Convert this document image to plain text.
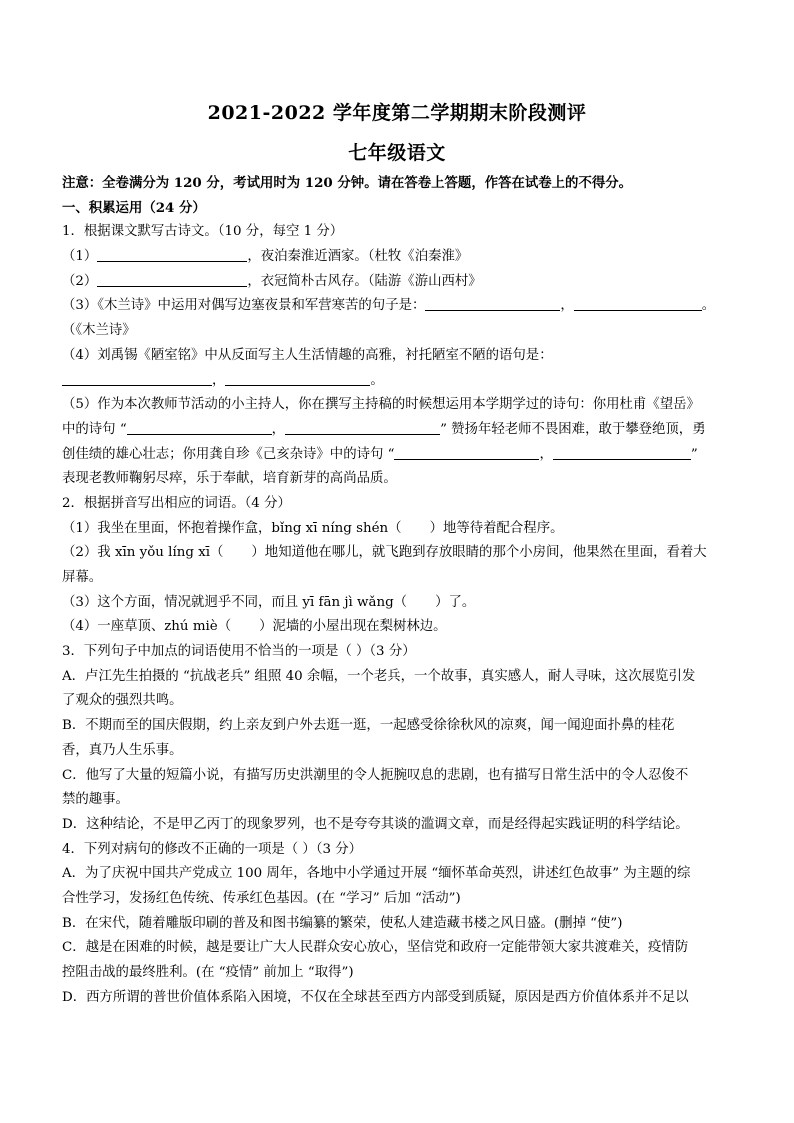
2021-2022 学年度第二学期期末阶段测评
七年级语文
注意：全卷满分为 120 分，考试用时为 120 分钟。请在答卷上答题，作答在试卷上的不得分。
一、积累运用（24 分）
1．根据课文默写古诗文。（10 分，每空 1 分）
（1）	，夜泊秦淮近酒家。（杜牧《泊秦淮》
（2）	，衣冠简朴古风存。（陆游《游山西村》
（3）《木兰诗》中运用对偶写边塞夜景和军营寒苦的句子是：	，	。
（《木兰诗》
（4）刘禹锡《陋室铭》中从反面写主人生活情趣的高雅，衬托陋室不陋的语句是：
，	。
（5）作为本次教师节活动的小主持人，你在撰写主持稿的时候想运用本学期学过的诗句：你用杜甫《望岳》
中的诗句 “	，	” 赞扬年轻老师不畏困难，敢于攀登绝顶，勇
创佳绩的雄心壮志；你用龚自珍《己亥杂诗》中的诗句 “	，	”
表现老教师鞠躬尽瘁，乐于奉献，培育新芽的高尚品质。
2．根据拼音写出相应的词语。（4 分）
（1）我坐在里面，怀抱着操作盒，bǐng xī níng shén（ ）地等待着配合程序。
（2）我 xīn yǒu líng xī（ ）地知道他在哪儿，就飞跑到存放眼睛的那个小房间，他果然在里面，看着大
屏幕。
（3）这个方面，情况就迥乎不同，而且 yī fān jì wǎng（ ）了。
（4）一座草顶、zhú miè（ ）泥墙的小屋出现在梨树林边。
3．下列句子中加点的词语使用不恰当的一项是（ ）（3 分）
A．卢江先生拍摄的 “抗战老兵” 组照 40 余幅，一个老兵，一个故事，真实感人，耐人寻味，这次展览引发
了观众的强烈共鸣。
B．不期而至的国庆假期，约上亲友到户外去逛一逛，一起感受徐徐秋风的凉爽，闻一闻迎面扑鼻的桂花
香，真乃人生乐事。
C．他写了大量的短篇小说，有描写历史洪潮里的令人扼腕叹息的悲剧，也有描写日常生活中的令人忍俊不
禁的趣事。
D．这种结论，不是甲乙丙丁的现象罗列，也不是夸夸其谈的滥调文章，而是经得起实践证明的科学结论。
4．下列对病句的修改不正确的一项是（ ）（3 分）
A．为了庆祝中国共产党成立 100 周年，各地中小学通过开展 “缅怀革命英烈，讲述红色故事” 为主题的综
合性学习，发扬红色传统、传承红色基因。(在 “学习” 后加 “活动”)
B．在宋代，随着雕版印刷的普及和图书编纂的繁荣，使私人建造藏书楼之风日盛。(删掉 “使”)
C．越是在困难的时候，越是要让广大人民群众安心放心，坚信党和政府一定能带领大家共渡难关，疫情防
控阻击战的最终胜利。(在 “疫情” 前加上 “取得”)
D．西方所谓的普世价值体系陷入困境，不仅在全球甚至西方内部受到质疑，原因是西方价值体系并不足以
